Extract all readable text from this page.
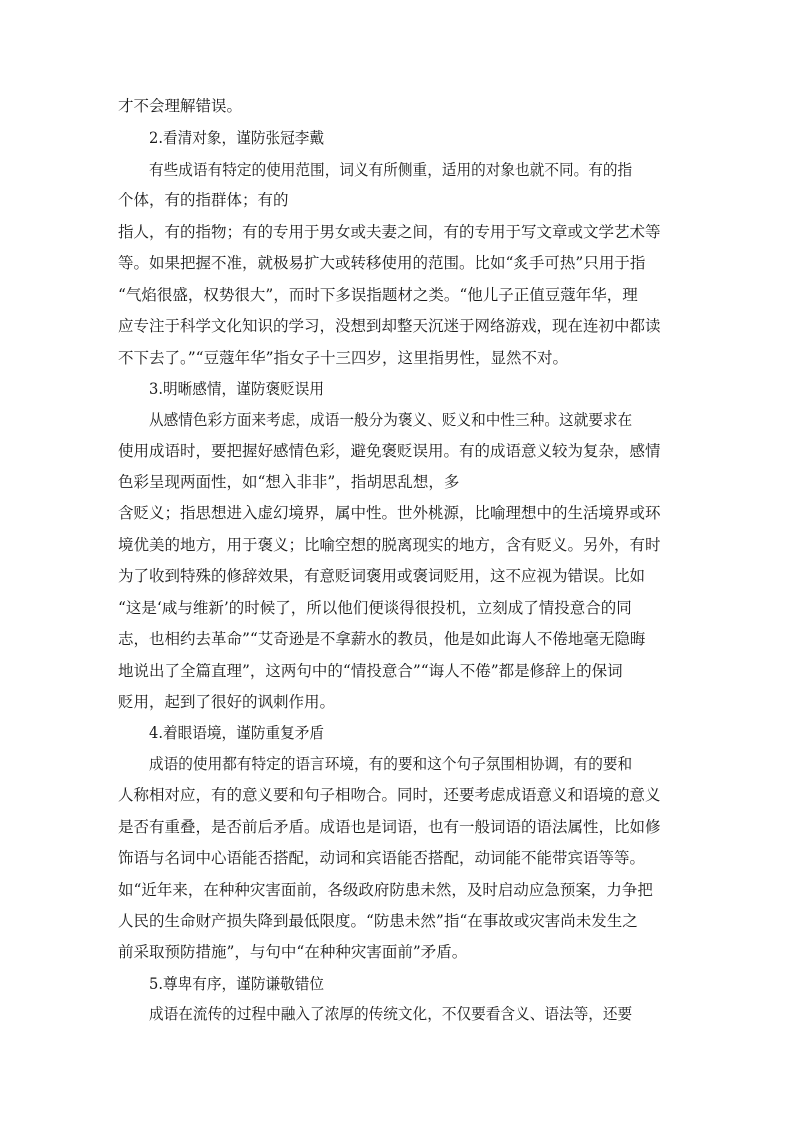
才不会理解错误。
2.看清对象，谨防张冠李戴
有些成语有特定的使用范围，词义有所侧重，适用的对象也就不同。有的指
个体，有的指群体；有的
指人，有的指物；有的专用于男女或夫妻之间，有的专用于写文章或文学艺术等
等。如果把握不准，就极易扩大或转移使用的范围。比如“炙手可热”只用于指
“气焰很盛，权势很大”，而时下多误指题材之类。“他儿子正值豆蔻年华，理
应专注于科学文化知识的学习，没想到却整天沉迷于网络游戏，现在连初中都读
不下去了。”“豆蔻年华”指女子十三四岁，这里指男性，显然不对。
3.明晰感情，谨防褒贬误用
从感情色彩方面来考虑，成语一般分为褒义、贬义和中性三种。这就要求在
使用成语时，要把握好感情色彩，避免褒贬误用。有的成语意义较为复杂，感情
色彩呈现两面性，如“想入非非”，指胡思乱想，多
含贬义；指思想进入虚幻境界，属中性。世外桃源，比喻理想中的生活境界或环
境优美的地方，用于褒义；比喻空想的脱离现实的地方，含有贬义。另外，有时
为了收到特殊的修辞效果，有意贬词褒用或褒词贬用，这不应视为错误。比如
“这是‘咸与维新’的时候了，所以他们便谈得很投机，立刻成了情投意合的同
志，也相约去革命”“艾奇逊是不拿薪水的教员，他是如此诲人不倦地毫无隐晦
地说出了全篇直理”，这两句中的“情投意合”“诲人不倦”都是修辞上的保词
贬用，起到了很好的讽刺作用。
4.着眼语境，谨防重复矛盾
成语的使用都有特定的语言环境，有的要和这个句子氛围相协调，有的要和
人称相对应，有的意义要和句子相吻合。同时，还要考虑成语意义和语境的意义
是否有重叠，是否前后矛盾。成语也是词语，也有一般词语的语法属性，比如修
饰语与名词中心语能否搭配，动词和宾语能否搭配，动词能不能带宾语等等。
如“近年来，在种种灾害面前，各级政府防患未然，及时启动应急预案，力争把
人民的生命财产损失降到最低限度。“防患未然”指“在事故或灾害尚未发生之
前采取预防措施”，与句中“在种种灾害面前”矛盾。
5.尊卑有序，谨防谦敬错位
成语在流传的过程中融入了浓厚的传统文化，不仅要看含义、语法等，还要
